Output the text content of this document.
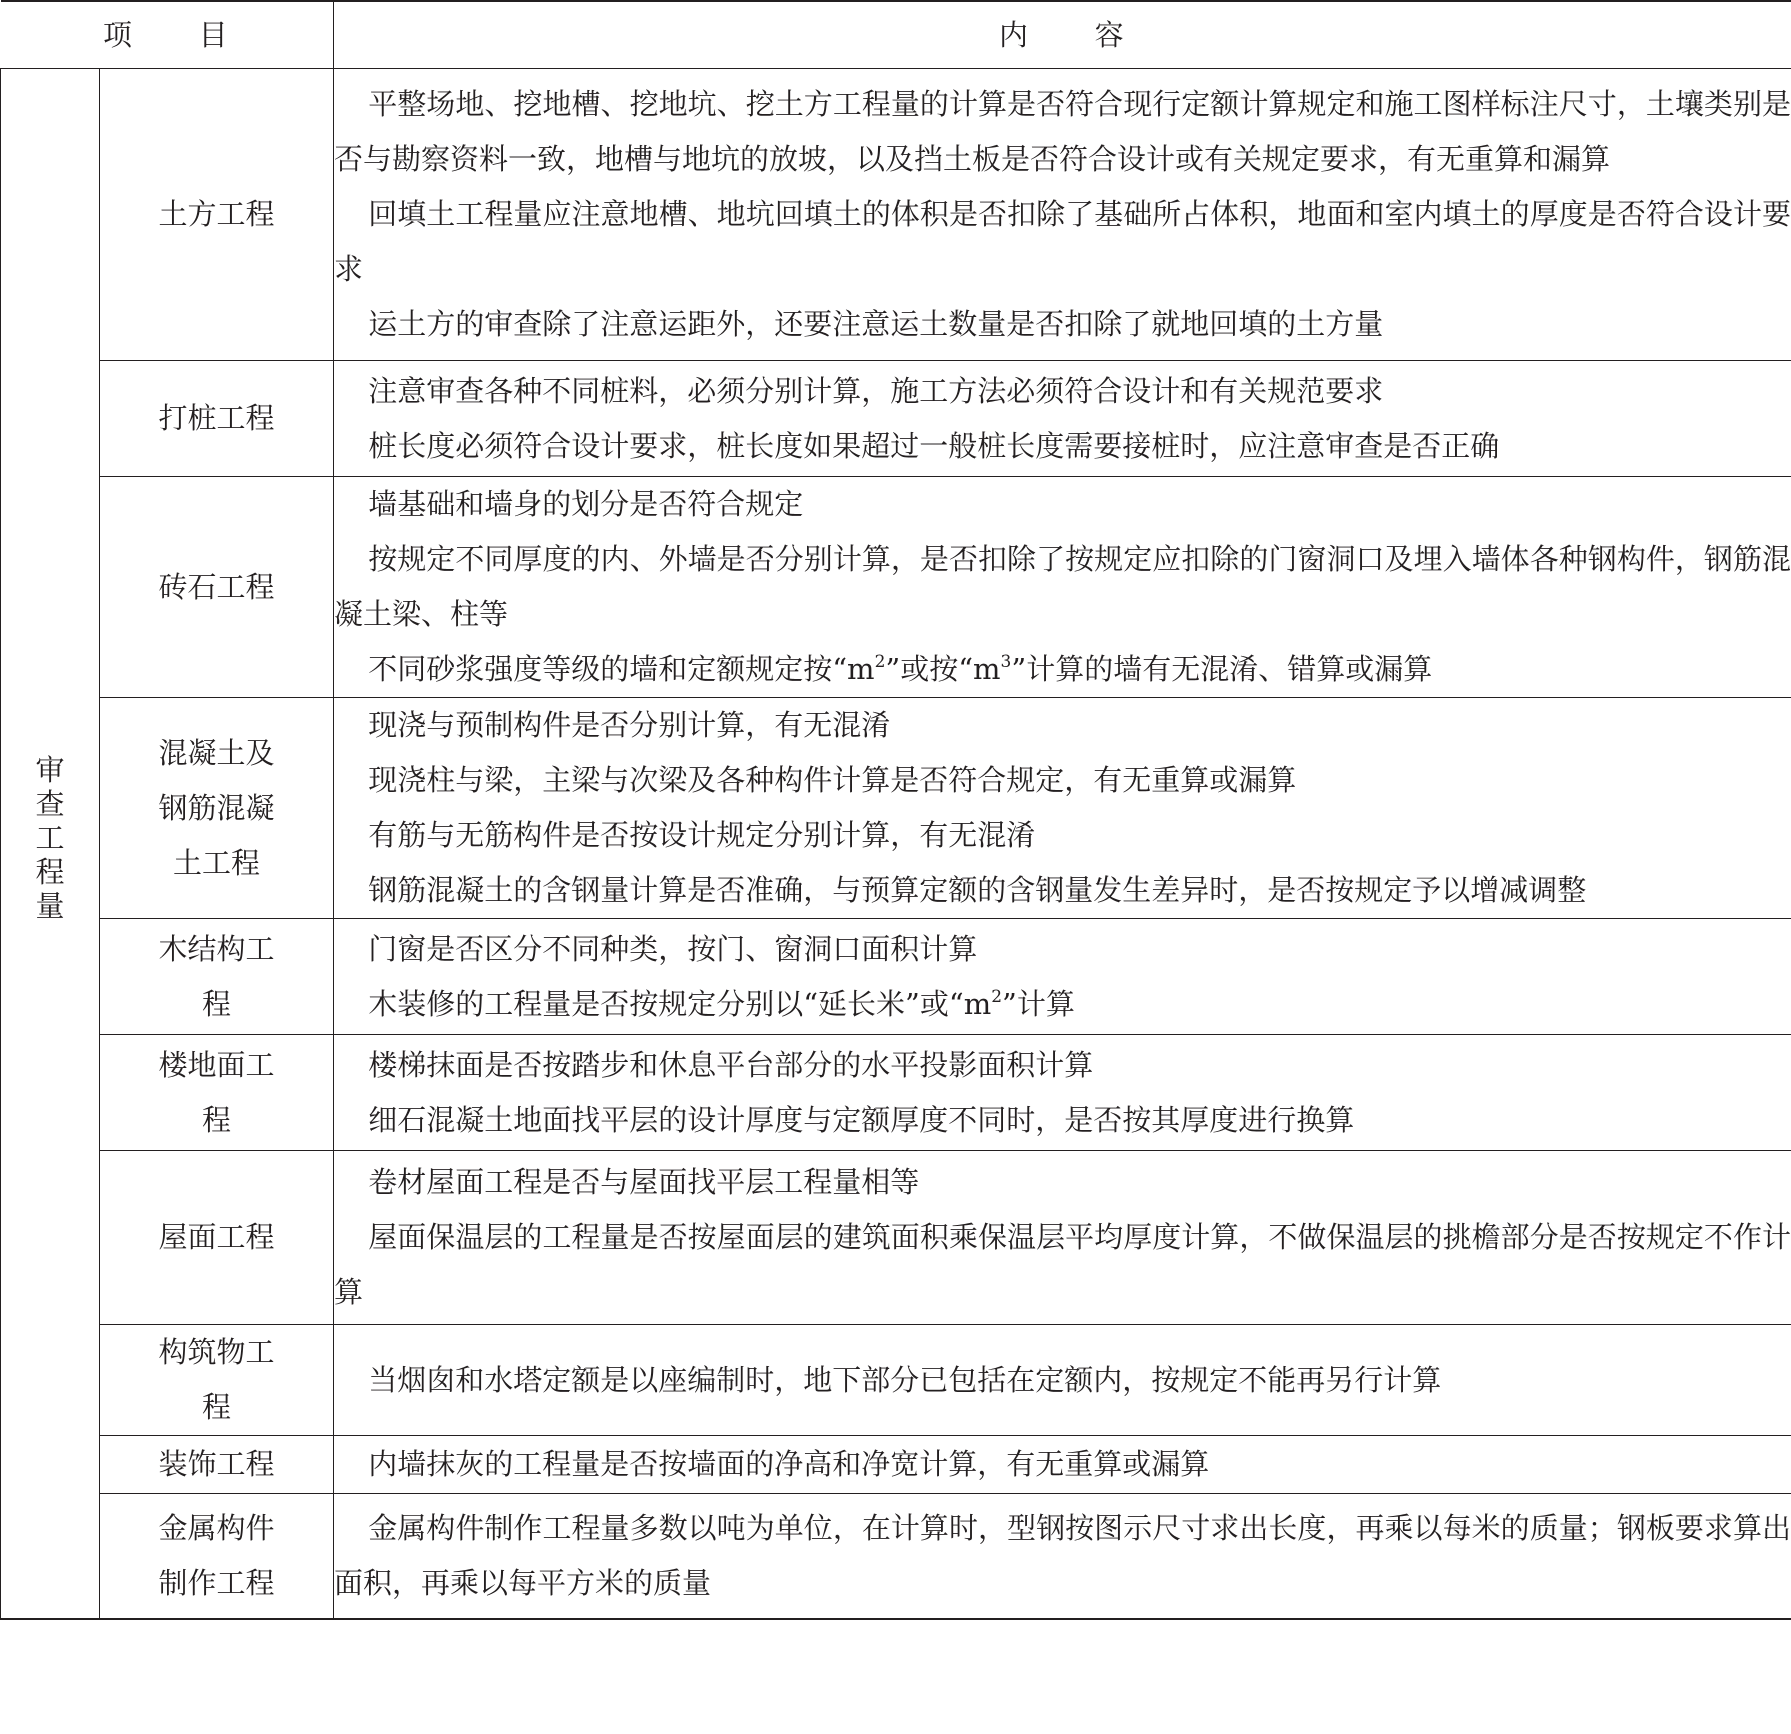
项　　目		内　　容
审查工程量	土方工程	平整场地、挖地槽、挖地坑、挖土方工程量的计算是否符合现行定额计算规定和施工图样标注尺寸，土壤类别是否与勘察资料一致，地槽与地坑的放坡，以及挡土板是否符合设计或有关规定要求，有无重算和漏算

回填土工程量应注意地槽、地坑回填土的体积是否扣除了基础所占体积，地面和室内填土的厚度是否符合设计要求

运土方的审查除了注意运距外，还要注意运土数量是否扣除了就地回填的土方量

	打桩工程	注意审查各种不同桩料，必须分别计算，施工方法必须符合设计和有关规范要求

桩长度必须符合设计要求，桩长度如果超过一般桩长度需要接桩时，应注意审查是否正确

	砖石工程	墙基础和墙身的划分是否符合规定

按规定不同厚度的内、外墙是否分别计算，是否扣除了按规定应扣除的门窗洞口及埋入墙体各种钢构件，钢筋混凝土梁、柱等

不同砂浆强度等级的墙和定额规定按“$m^2$”或按“$m^3$”计算的墙有无混淆、错算或漏算

	混凝土及钢筋混凝土工程	现浇与预制构件是否分别计算，有无混淆

现浇柱与梁，主梁与次梁及各种构件计算是否符合规定，有无重算或漏算

有筋与无筋构件是否按设计规定分别计算，有无混淆

钢筋混凝土的含钢量计算是否准确，与预算定额的含钢量发生差异时，是否按规定予以增减调整

	木结构工程	门窗是否区分不同种类，按门、窗洞口面积计算

木装修的工程量是否按规定分别以“延长米”或“$m^2$”计算

	楼地面工程	楼梯抹面是否按踏步和休息平台部分的水平投影面积计算

细石混凝土地面找平层的设计厚度与定额厚度不同时，是否按其厚度进行换算

	屋面工程	卷材屋面工程是否与屋面找平层工程量相等

屋面保温层的工程量是否按屋面层的建筑面积乘保温层平均厚度计算，不做保温层的挑檐部分是否按规定不作计算

	构筑物工程	当烟囱和水塔定额是以座编制时，地下部分已包括在定额内，按规定不能再另行计算

	装饰工程	内墙抹灰的工程量是否按墙面的净高和净宽计算，有无重算或漏算

	金属构件制作工程	金属构件制作工程量多数以吨为单位，在计算时，型钢按图示尺寸求出长度，再乘以每米的质量；钢板要求算出面积，再乘以每平方米的质量
